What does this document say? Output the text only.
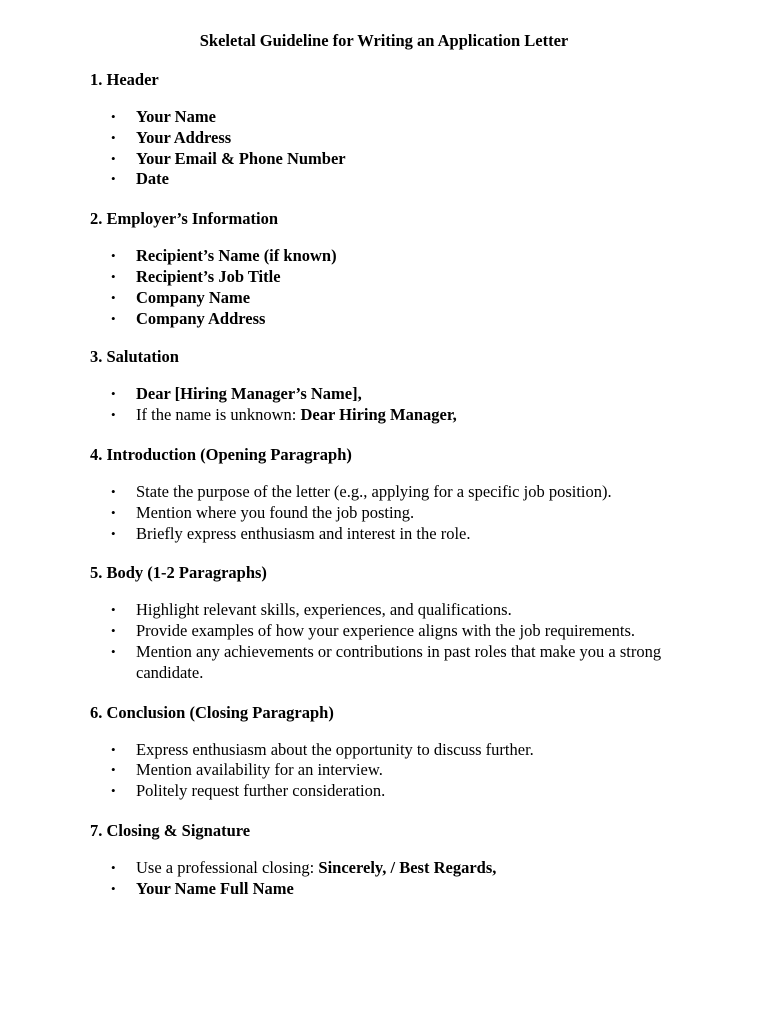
Skeletal Guideline for Writing an Application Letter
1. Header
• Your Name
• Your Address
• Your Email & Phone Number
• Date
2. Employer’s Information
• Recipient’s Name (if known)
• Recipient’s Job Title
• Company Name
• Company Address
3. Salutation
• Dear [Hiring Manager’s Name],
• If the name is unknown: Dear Hiring Manager,
4. Introduction (Opening Paragraph)
• State the purpose of the letter (e.g., applying for a specific job position).
• Mention where you found the job posting.
• Briefly express enthusiasm and interest in the role.
5. Body (1-2 Paragraphs)
• Highlight relevant skills, experiences, and qualifications.
• Provide examples of how your experience aligns with the job requirements.
• Mention any achievements or contributions in past roles that make you a strong candidate.
6. Conclusion (Closing Paragraph)
• Express enthusiasm about the opportunity to discuss further.
• Mention availability for an interview.
• Politely request further consideration.
7. Closing & Signature
• Use a professional closing: Sincerely, / Best Regards,
• Your Name Full Name
